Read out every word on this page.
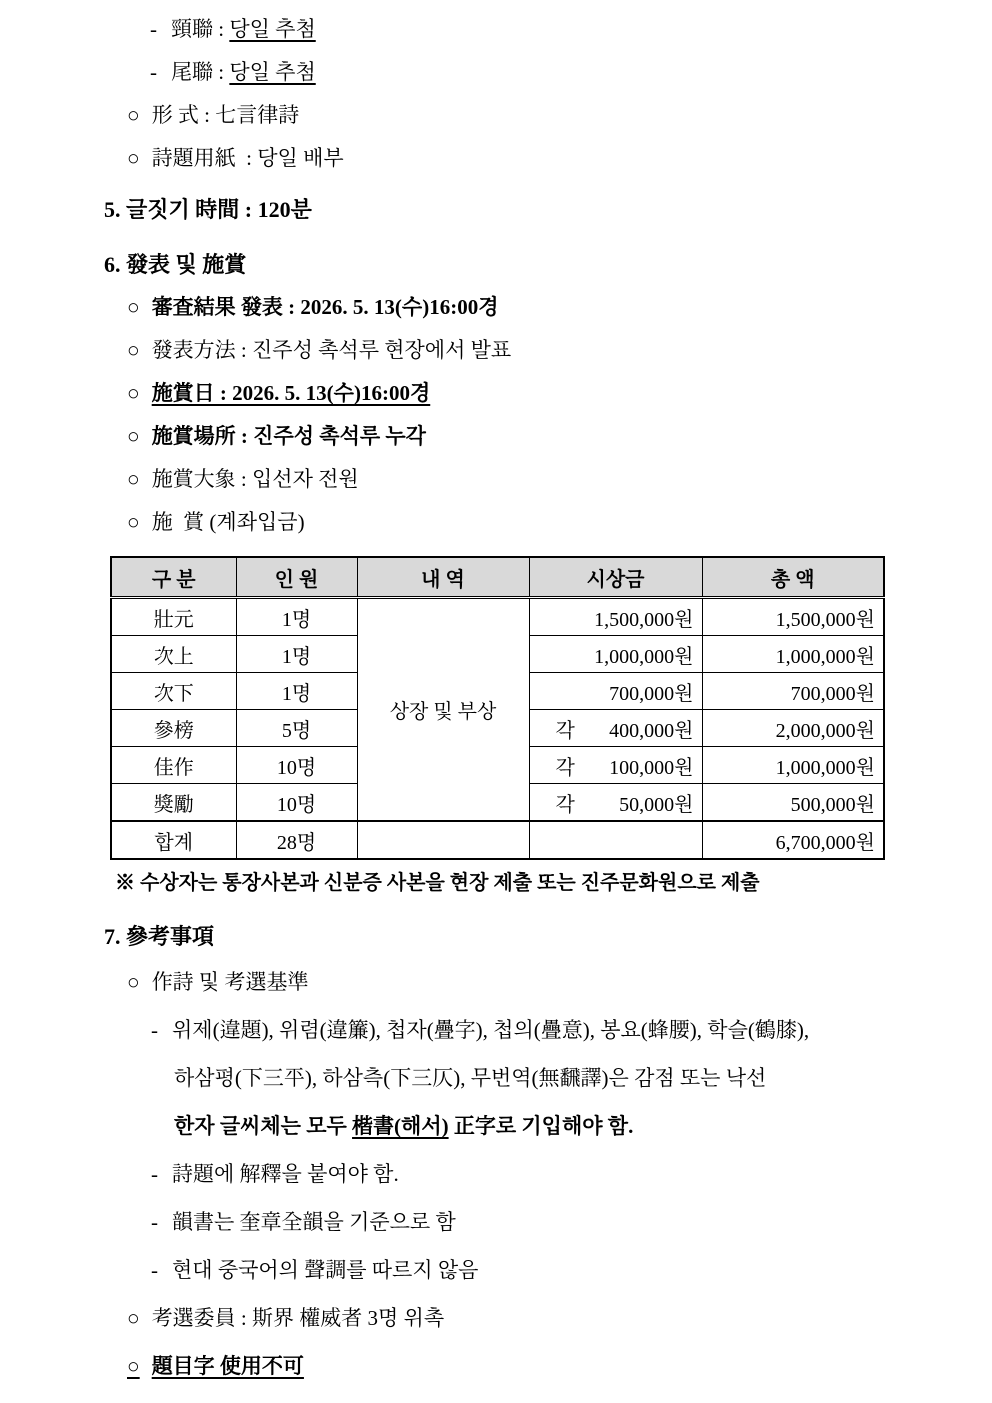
- 頸聯 : 당일 추첨
- 尾聯 : 당일 추첨
○ 形 式 : 七言律詩
○ 詩題用紙  : 당일 배부
5. 글짓기 時間 : 120분
6. 發表 및 施賞
○ 審査結果 發表 : 2026. 5. 13(수)16:00경
○ 發表方法 : 진주성 촉석루 현장에서 발표
○ 施賞日 : 2026. 5. 13(수)16:00경
○ 施賞場所 : 진주성 촉석루 누각
○ 施賞大象 : 입선자 전원
○ 施  賞 (계좌입금)
구 분	인 원	내 역	시상금	총 액
壯元	1명	상장 및 부상	1,500,000원	1,500,000원
次上	1명		1,000,000원	1,000,000원
次下	1명		700,000원	700,000원
參榜	5명		각 400,000원	2,000,000원
佳作	10명		각 100,000원	1,000,000원
獎勵	10명		각 50,000원	500,000원
합계	28명			6,700,000원
※ 수상자는 통장사본과 신분증 사본을 현장 제출 또는 진주문화원으로 제출
7. 參考事項
○ 作詩 및 考選基準
- 위제(違題), 위렴(違簾), 첩자(疊字), 첩의(疊意), 봉요(蜂腰), 학슬(鶴膝),
하삼평(下三平), 하삼측(下三仄), 무번역(無飜譯)은 감점 또는 낙선
한자 글씨체는 모두 楷書(해서) 正字로 기입해야 함.
- 詩題에 解釋을 붙여야 함.
- 韻書는 奎章全韻을 기준으로 함
- 현대 중국어의 聲調를 따르지 않음
○ 考選委員 : 斯界 權威者 3명 위촉
○ 題目字 使用不可
